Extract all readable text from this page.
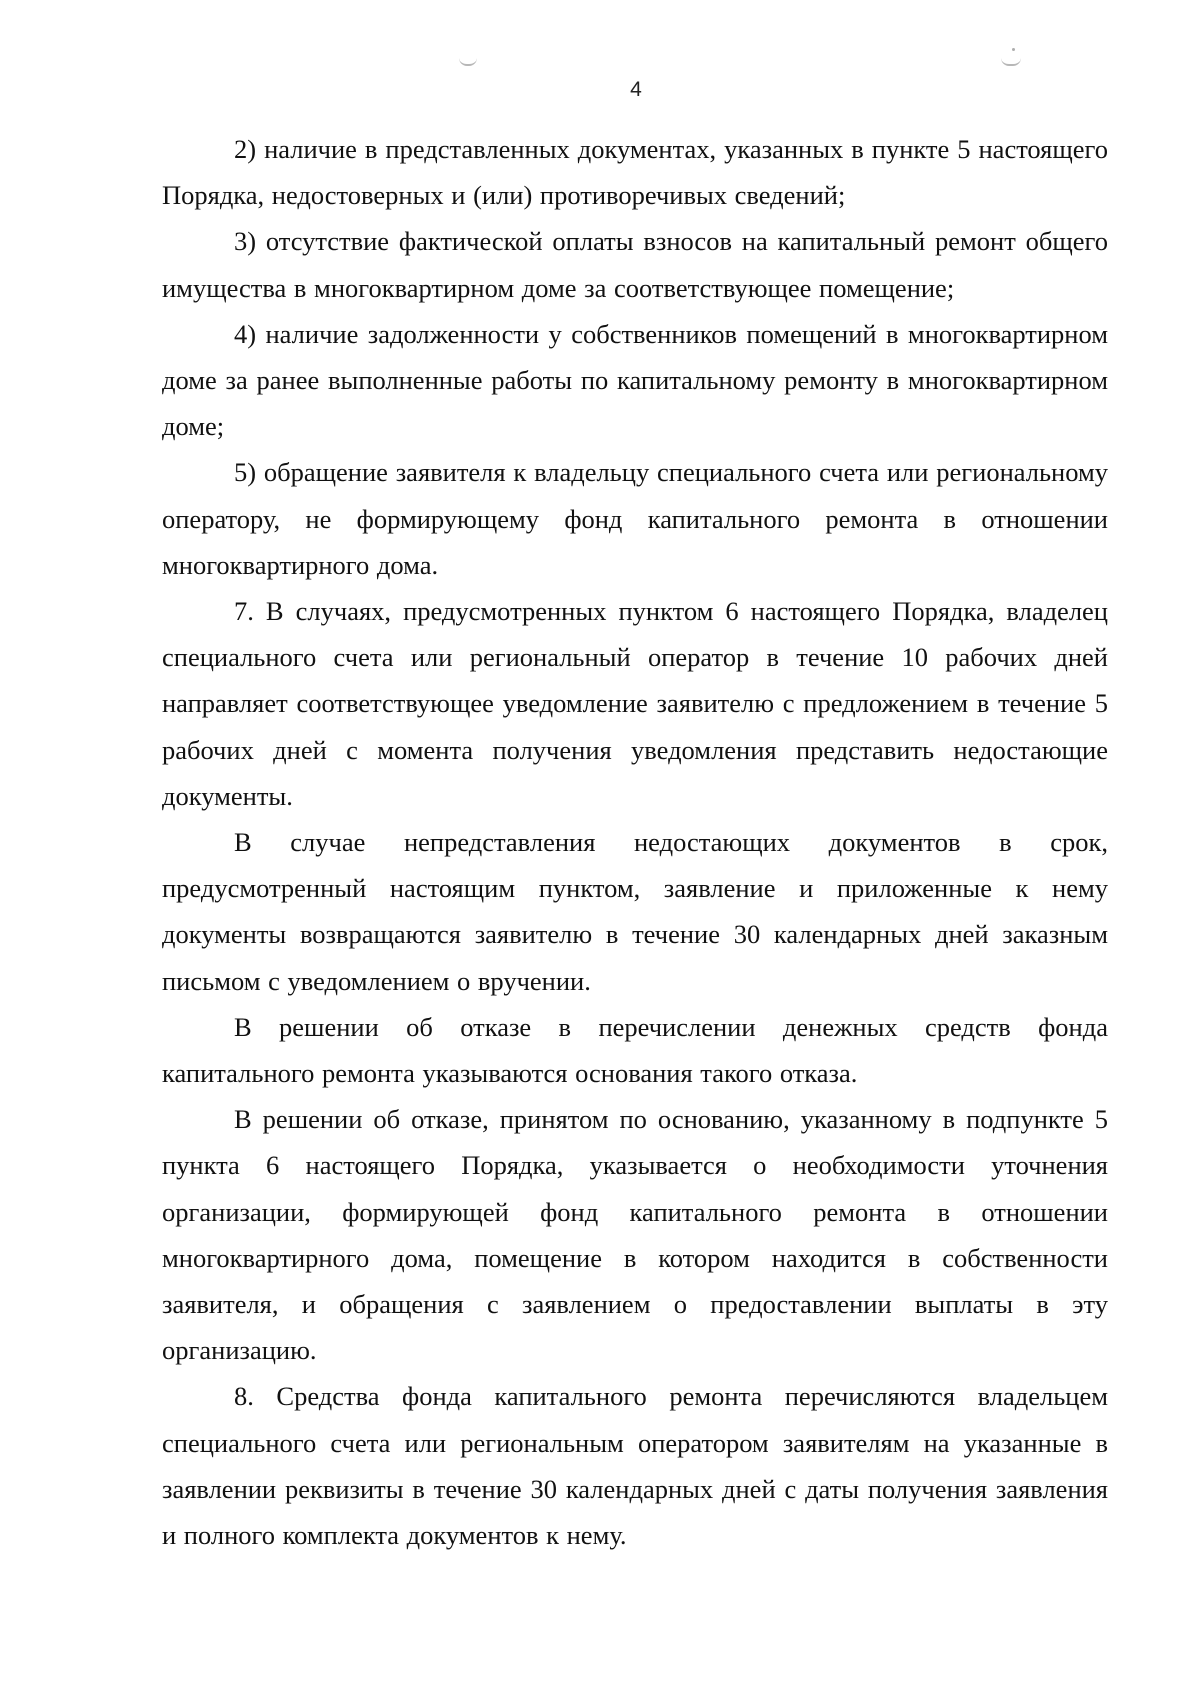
4

2) наличие в представленных документах, указанных в пункте 5 настоящего Порядка, недостоверных и (или) противоречивых сведений;

3) отсутствие фактической оплаты взносов на капитальный ремонт общего имущества в многоквартирном доме за соответствующее помещение;

4) наличие задолженности у собственников помещений в многоквартирном доме за ранее выполненные работы по капитальному ремонту в многоквартирном доме;

5) обращение заявителя к владельцу специального счета или региональному оператору, не формирующему фонд капитального ремонта в отношении многоквартирного дома.

7. В случаях, предусмотренных пунктом 6 настоящего Порядка, владелец специального счета или региональный оператор в течение 10 рабочих дней направляет соответствующее уведомление заявителю с предложением в течение 5 рабочих дней с момента получения уведомления представить недостающие документы.

В случае непредставления недостающих документов в срок, предусмотренный настоящим пунктом, заявление и приложенные к нему документы возвращаются заявителю в течение 30 календарных дней заказным письмом с уведомлением о вручении.

В решении об отказе в перечислении денежных средств фонда капитального ремонта указываются основания такого отказа.

В решении об отказе, принятом по основанию, указанному в подпункте 5 пункта 6 настоящего Порядка, указывается о необходимости уточнения организации, формирующей фонд капитального ремонта в отношении многоквартирного дома, помещение в котором находится в собственности заявителя, и обращения с заявлением о предоставлении выплаты в эту организацию.

8. Средства фонда капитального ремонта перечисляются владельцем специального счета или региональным оператором заявителям на указанные в заявлении реквизиты в течение 30 календарных дней с даты получения заявления и полного комплекта документов к нему.
